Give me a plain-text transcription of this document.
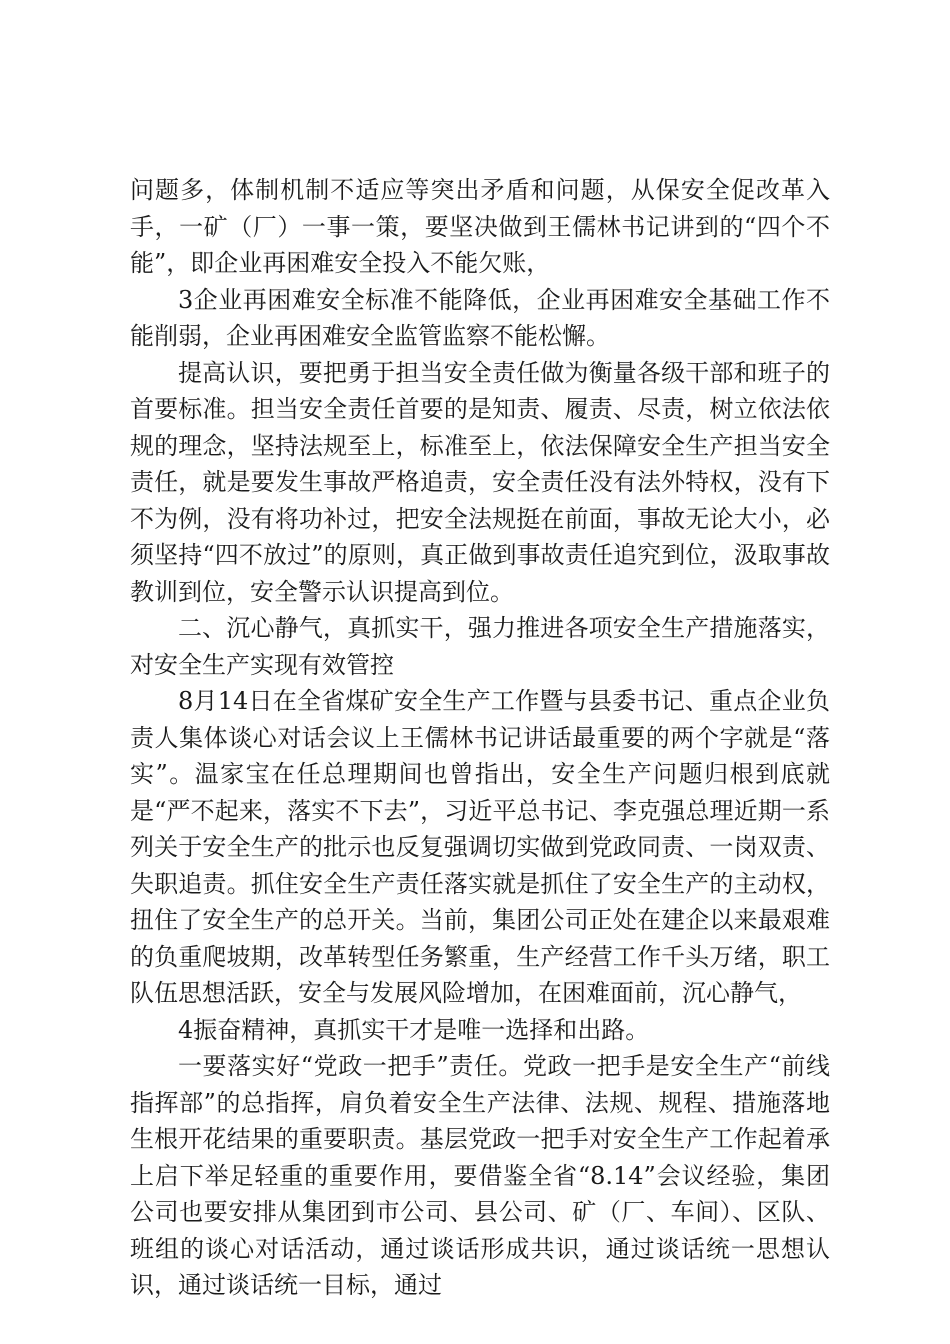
问题多，体制机制不适应等突出矛盾和问题，从保安全促改革入手，一矿（厂）一事一策，要坚决做到王儒林书记讲到的“四个不能”，即企业再困难安全投入不能欠账，

3企业再困难安全标准不能降低，企业再困难安全基础工作不能削弱，企业再困难安全监管监察不能松懈。

提高认识，要把勇于担当安全责任做为衡量各级干部和班子的首要标准。担当安全责任首要的是知责、履责、尽责，树立依法依规的理念，坚持法规至上，标准至上，依法保障安全生产担当安全责任，就是要发生事故严格追责，安全责任没有法外特权，没有下不为例，没有将功补过，把安全法规挺在前面，事故无论大小，必须坚持“四不放过”的原则，真正做到事故责任追究到位，汲取事故教训到位，安全警示认识提高到位。

二、沉心静气，真抓实干，强力推进各项安全生产措施落实，对安全生产实现有效管控

8月14日在全省煤矿安全生产工作暨与县委书记、重点企业负责人集体谈心对话会议上王儒林书记讲话最重要的两个字就是“落实”。温家宝在任总理期间也曾指出，安全生产问题归根到底就是“严不起来，落实不下去”，习近平总书记、李克强总理近期一系列关于安全生产的批示也反复强调切实做到党政同责、一岗双责、失职追责。抓住安全生产责任落实就是抓住了安全生产的主动权，扭住了安全生产的总开关。当前，集团公司正处在建企以来最艰难的负重爬坡期，改革转型任务繁重，生产经营工作千头万绪，职工队伍思想活跃，安全与发展风险增加，在困难面前，沉心静气，

4振奋精神，真抓实干才是唯一选择和出路。

一要落实好“党政一把手”责任。党政一把手是安全生产“前线指挥部”的总指挥，肩负着安全生产法律、法规、规程、措施落地生根开花结果的重要职责。基层党政一把手对安全生产工作起着承上启下举足轻重的重要作用，要借鉴全省“8.14”会议经验，集团公司也要安排从集团到市公司、县公司、矿（厂、车间）、区队、班组的谈心对话活动，通过谈话形成共识，通过谈话统一思想认识，通过谈话统一目标，通过
